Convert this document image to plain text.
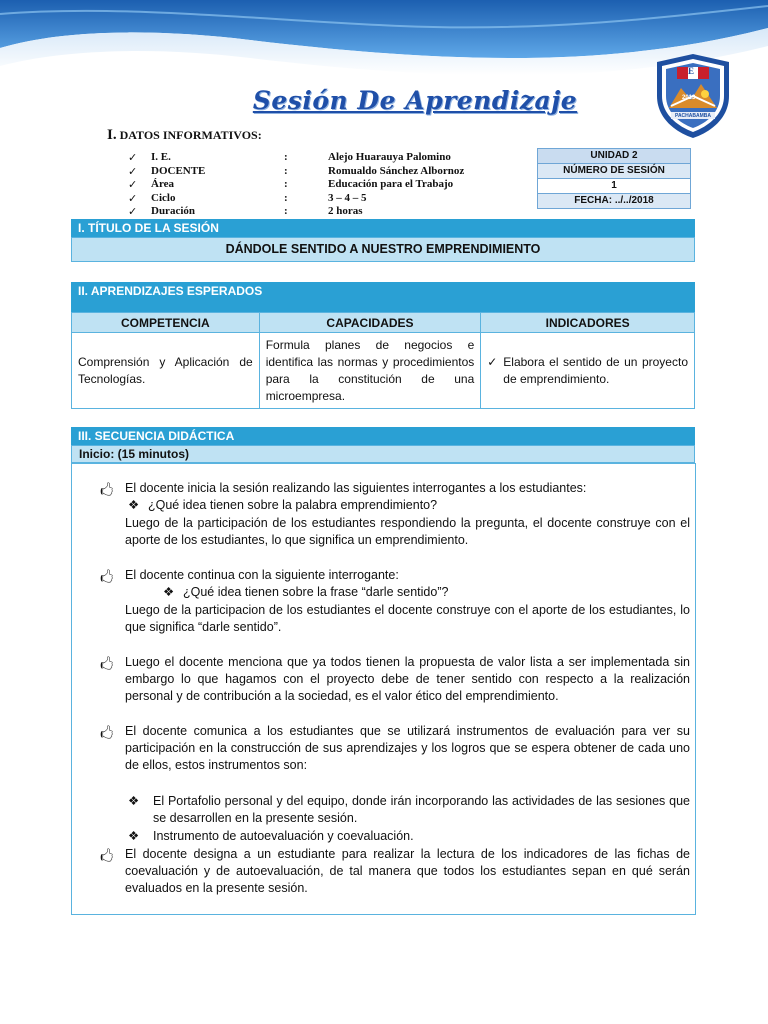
Sesión De Aprendizaje
E
2013
PACHABAMBA
I. DATOS INFORMATIVOS:
✓ I. E.	:	Alejo Huarauya Palomino
✓ DOCENTE	:	Romualdo Sánchez Albornoz
✓ Área	:	Educación para el Trabajo
✓ Ciclo	:	3 – 4 – 5
✓ Duración	:	2 horas
UNIDAD 2
NÚMERO DE SESIÓN
1
FECHA: ../../2018
I. TÍTULO DE LA SESIÓN
DÁNDOLE SENTIDO A NUESTRO EMPRENDIMIENTO
II. APRENDIZAJES ESPERADOS
COMPETENCIA	CAPACIDADES	INDICADORES
Comprensión y Aplicación de Tecnologías.	Formula planes de negocios e identifica las normas y procedimientos para la constitución de una microempresa.	✓ Elabora el sentido de un proyecto de emprendimiento.
III. SECUENCIA DIDÁCTICA
Inicio: (15 minutos)
🖒 El docente inicia la sesión realizando las siguientes interrogantes a los estudiantes:
❖ ¿Qué idea tienen sobre la palabra emprendimiento?
Luego de la participación de los estudiantes respondiendo la pregunta, el docente construye con el aporte de los estudiantes, lo que significa un emprendimiento.
🖒 El docente continua con la siguiente interrogante:
❖ ¿Qué idea tienen sobre la frase “darle sentido”?
Luego de la participacion de los estudiantes el docente construye con el aporte de los estudiantes, lo que significa “darle sentido”.
🖒 Luego el docente menciona que ya todos tienen la propuesta de valor lista a ser implementada sin embargo lo que hagamos con el proyecto debe de tener sentido con respecto a la realización personal y de contribución a la sociedad, es el valor ético del emprendimiento.
🖒 El docente comunica a los estudiantes que se utilizará instrumentos de evaluación para ver su participación en la construcción de sus aprendizajes y los logros que se espera obtener de cada uno de ellos, estos instrumentos son:
❖	El Portafolio personal y del equipo, donde irán incorporando las actividades de las sesiones que se desarrollen en la presente sesión.
❖	Instrumento de autoevaluación y coevaluación.
🖒 El docente designa a un estudiante para realizar la lectura de los indicadores de las fichas de coevaluación y de autoevaluación, de tal manera que todos los estudiantes sepan en qué serán evaluados en la presente sesión.
